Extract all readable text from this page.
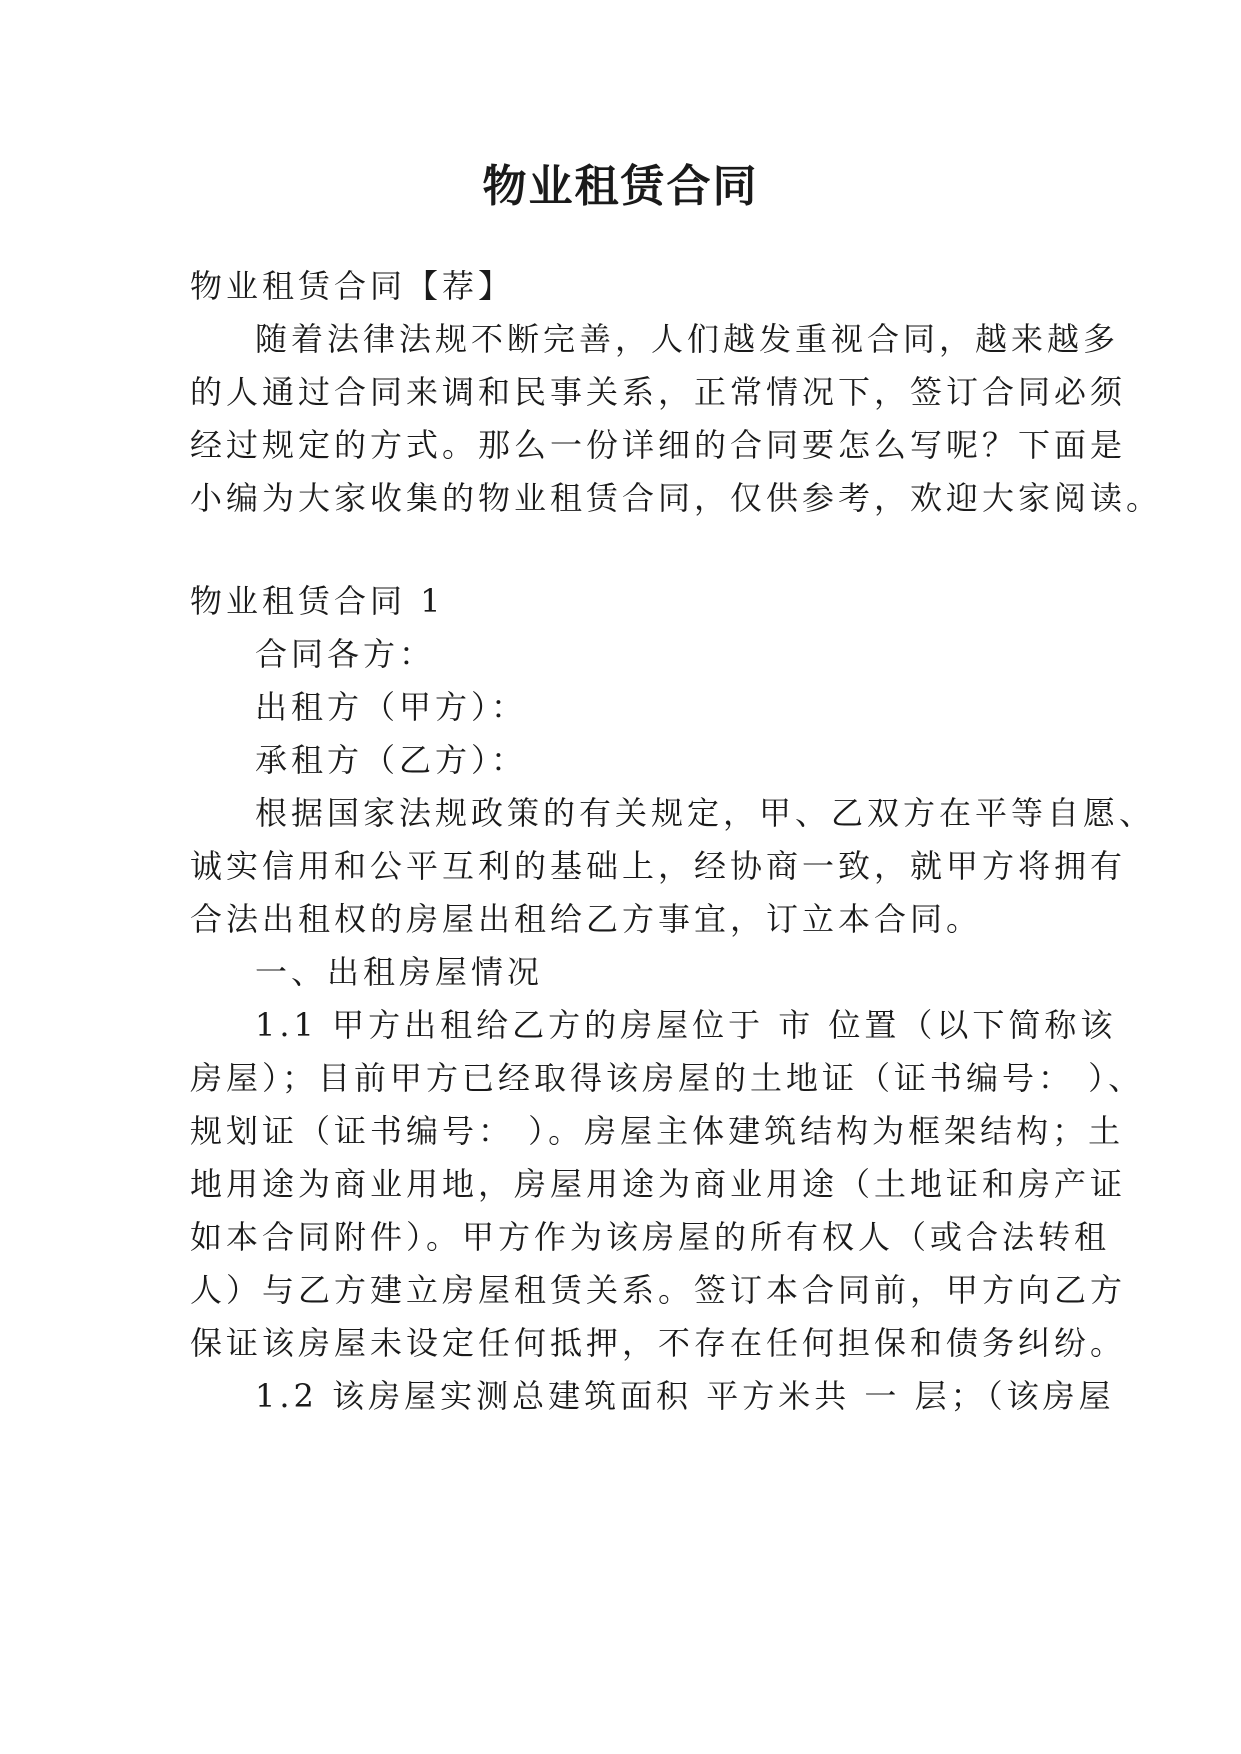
物业租赁合同
物业租赁合同【荐】
随着法律法规不断完善，人们越发重视合同，越来越多
的人通过合同来调和民事关系，正常情况下，签订合同必须
经过规定的方式。那么一份详细的合同要怎么写呢？下面是
小编为大家收集的物业租赁合同，仅供参考，欢迎大家阅读。
物业租赁合同 1
合同各方：
出租方（甲方）：
承租方（乙方）：
根据国家法规政策的有关规定，甲、乙双方在平等自愿、
诚实信用和公平互利的基础上，经协商一致，就甲方将拥有
合法出租权的房屋出租给乙方事宜，订立本合同。
一、出租房屋情况
1.1 甲方出租给乙方的房屋位于 市 位置（以下简称该
房屋）；目前甲方已经取得该房屋的土地证（证书编号： ）、
规划证（证书编号： ）。房屋主体建筑结构为框架结构；土
地用途为商业用地，房屋用途为商业用途（土地证和房产证
如本合同附件）。甲方作为该房屋的所有权人（或合法转租
人）与乙方建立房屋租赁关系。签订本合同前，甲方向乙方
保证该房屋未设定任何抵押，不存在任何担保和债务纠纷。
1.2 该房屋实测总建筑面积 平方米共 一 层；（该房屋
